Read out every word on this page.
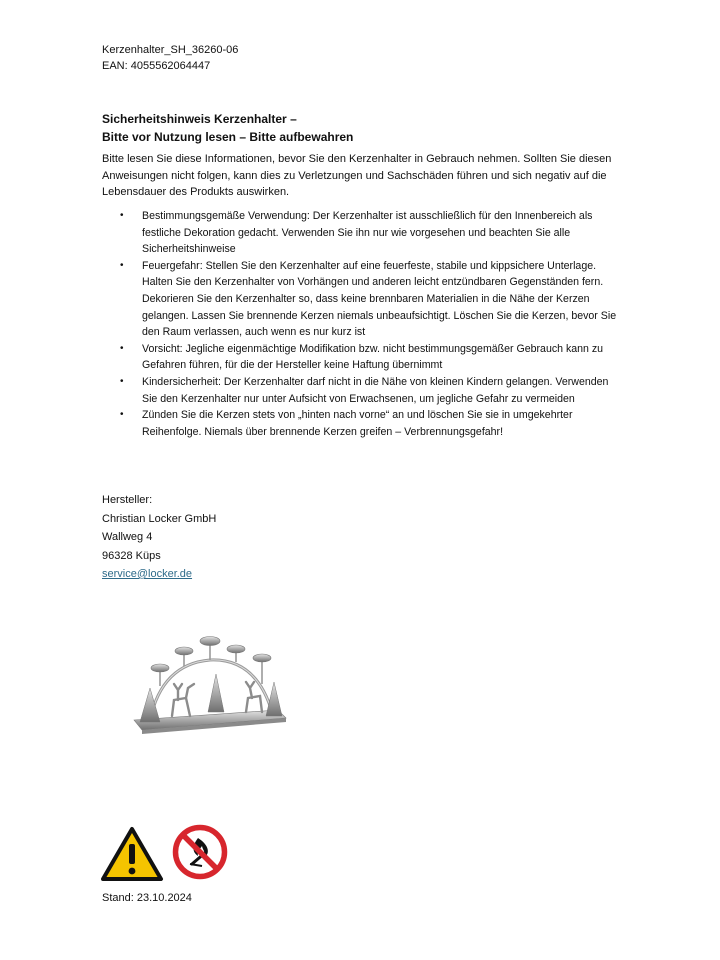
Kerzenhalter_SH_36260-06
EAN: 4055562064447
Sicherheitshinweis Kerzenhalter –
Bitte vor Nutzung lesen – Bitte aufbewahren

Bitte lesen Sie diese Informationen, bevor Sie den Kerzenhalter in Gebrauch nehmen. Sollten Sie diesen Anweisungen nicht folgen, kann dies zu Verletzungen und Sachschäden führen und sich negativ auf die Lebensdauer des Produkts auswirken.

• Bestimmungsgemäße Verwendung: Der Kerzenhalter ist ausschließlich für den Innenbereich als festliche Dekoration gedacht. Verwenden Sie ihn nur wie vorgesehen und beachten Sie alle Sicherheitshinweise
• Feuergefahr: Stellen Sie den Kerzenhalter auf eine feuerfeste, stabile und kippsichere Unterlage. Halten Sie den Kerzenhalter von Vorhängen und anderen leicht entzündbaren Gegenständen fern. Dekorieren Sie den Kerzenhalter so, dass keine brennbaren Materialien in die Nähe der Kerzen gelangen. Lassen Sie brennende Kerzen niemals unbeaufsichtigt. Löschen Sie die Kerzen, bevor Sie den Raum verlassen, auch wenn es nur kurz ist
• Vorsicht: Jegliche eigenmächtige Modifikation bzw. nicht bestimmungsgemäßer Gebrauch kann zu Gefahren führen, für die der Hersteller keine Haftung übernimmt
• Kindersicherheit: Der Kerzenhalter darf nicht in die Nähe von kleinen Kindern gelangen. Verwenden Sie den Kerzenhalter nur unter Aufsicht von Erwachsenen, um jegliche Gefahr zu vermeiden
• Zünden Sie die Kerzen stets von „hinten nach vorne“ an und löschen Sie sie in umgekehrter Reihenfolge. Niemals über brennende Kerzen greifen – Verbrennungsgefahr!
Hersteller:
Christian Locker GmbH
Wallweg 4
96328 Küps
service@locker.de
Stand: 23.10.2024
